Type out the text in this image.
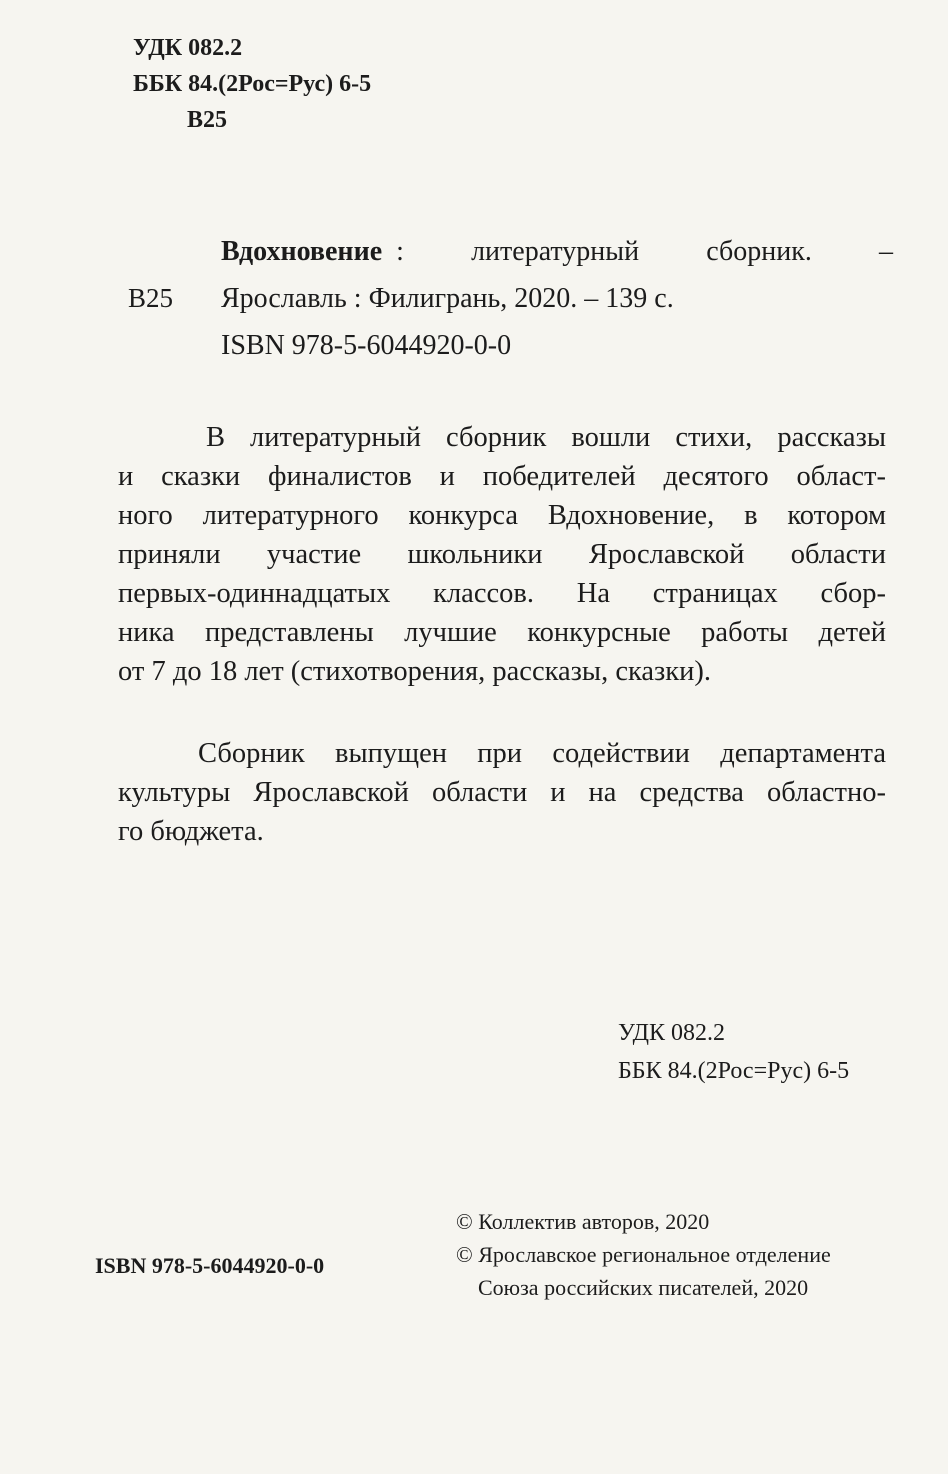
УДК 082.2
ББК 84.(2Рос=Рус) 6-5
В25
Вдохновение : литературный сборник. –
В25 Ярославль : Филигрань, 2020. – 139 с.
ISBN 978-5-6044920-0-0
В литературный сборник вошли стихи, рассказы
и сказки финалистов и победителей десятого област-
ного литературного конкурса Вдохновение, в котором
приняли участие школьники Ярославской области
первых-одиннадцатых классов. На страницах сбор-
ника представлены лучшие конкурсные работы детей
от 7 до 18 лет (стихотворения, рассказы, сказки).
Сборник выпущен при содействии департамента
культуры Ярославской области и на средства областно-
го бюджета.
УДК 082.2
ББК 84.(2Рос=Рус) 6-5
ISBN 978-5-6044920-0-0
© Коллектив авторов, 2020
© Ярославское региональное отделение
Союза российских писателей, 2020
